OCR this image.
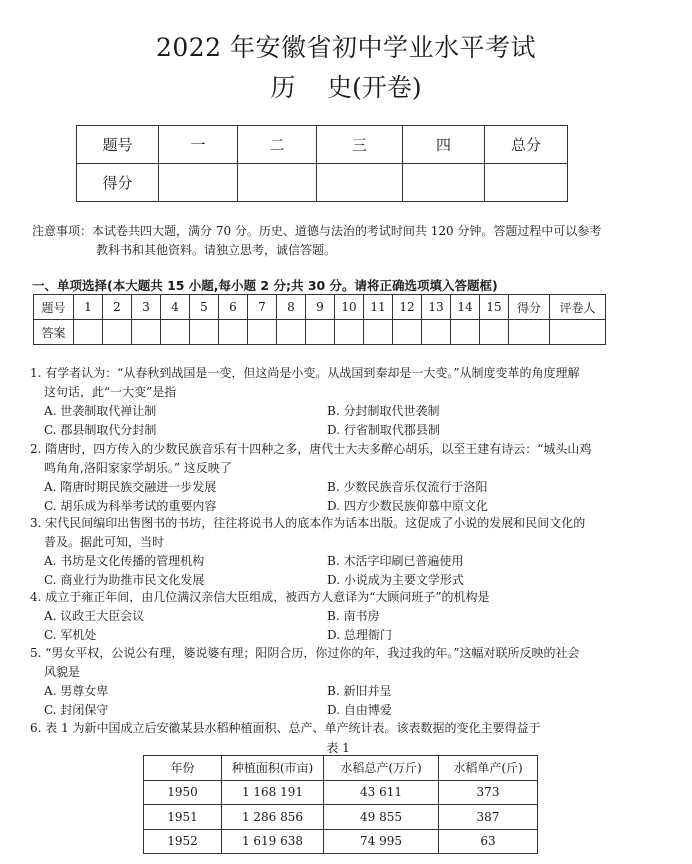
2022 年安徽省初中学业水平考试
历    史(开卷)
题号	一	二	三	四	总分
得分					
注意事项：本试卷共四大题，满分 70 分。历史、道德与法治的考试时间共 120 分钟。答题过程中可以参考
教科书和其他资料。请独立思考，诚信答题。
一、单项选择(本大题共 15 小题,每小题 2 分;共 30 分。请将正确选项填入答题框)
题号	1	2	3	4	5	6	7	8	9	10	11	12	13	14	15	得分	评卷人
答案																	
1. 有学者认为：“从春秋到战国是一变，但这尚是小变。从战国到秦却是一大变。”从制度变革的角度理解
这句话，此“一大变”是指
A. 世袭制取代禅让制	B. 分封制取代世袭制
C. 郡县制取代分封制	D. 行省制取代郡县制
2. 隋唐时，四方传入的少数民族音乐有十四种之多，唐代士大夫多醉心胡乐，以至王建有诗云：“城头山鸡
鸣角角,洛阳家家学胡乐。” 这反映了
A. 隋唐时期民族交融进一步发展	B. 少数民族音乐仅流行于洛阳
C. 胡乐成为科举考试的重要内容	D. 四方少数民族仰慕中原文化
3. 宋代民间编印出售图书的书坊，往往将说书人的底本作为话本出版。这促成了小说的发展和民间文化的
普及。据此可知，当时
A. 书坊是文化传播的管理机构	B. 木活字印刷已普遍使用
C. 商业行为助推市民文化发展	D. 小说成为主要文学形式
4. 成立于雍正年间，由几位满汉亲信大臣组成，被西方人意译为“大顾问班子”的机构是
A. 议政王大臣会议	B. 南书房
C. 军机处	D. 总理衙门
5. “男女平权，公说公有理，婆说婆有理；阳阴合历，你过你的年，我过我的年。”这幅对联所反映的社会
风貌是
A. 男尊女卑	B. 新旧并呈
C. 封闭保守	D. 自由博爱
6. 表 1 为新中国成立后安徽某县水稻种植面积、总产、单产统计表。该表数据的变化主要得益于
表 1
年份	种植面积(市亩)	水稻总产(万斤)	水稻单产(斤)
1950	1 168 191	43 611	373
1951	1 286 856	49 855	387
1952	1 619 638	74 995	63
